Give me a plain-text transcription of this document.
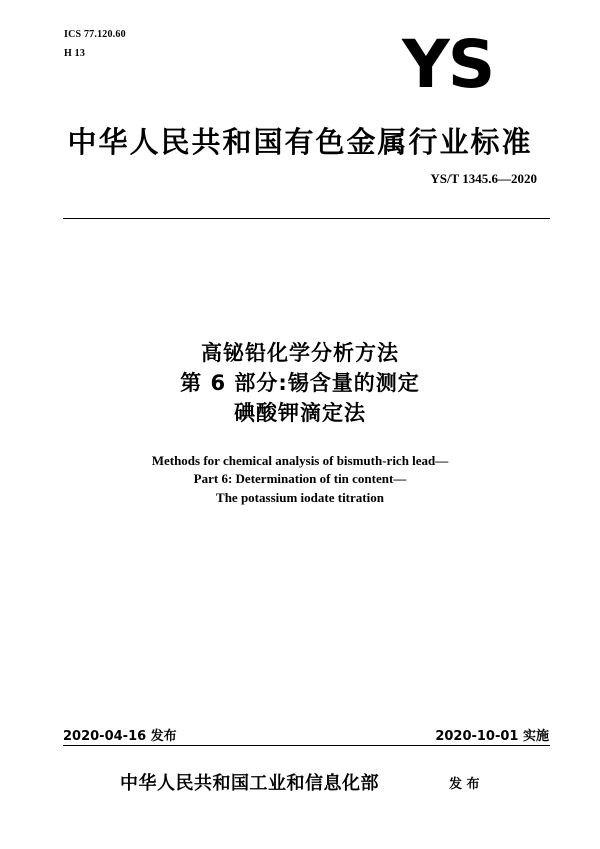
ICS 77.120.60
H 13	YS
中华人民共和国有色金属行业标准
YS/T 1345.6—2020
高铋铅化学分析方法
第 6 部分:锡含量的测定
碘酸钾滴定法
Methods for chemical analysis of bismuth-rich lead—
Part 6: Determination of tin content—
The potassium iodate titration
2020-04-16 发布	2020-10-01 实施
中华人民共和国工业和信息化部	发 布
